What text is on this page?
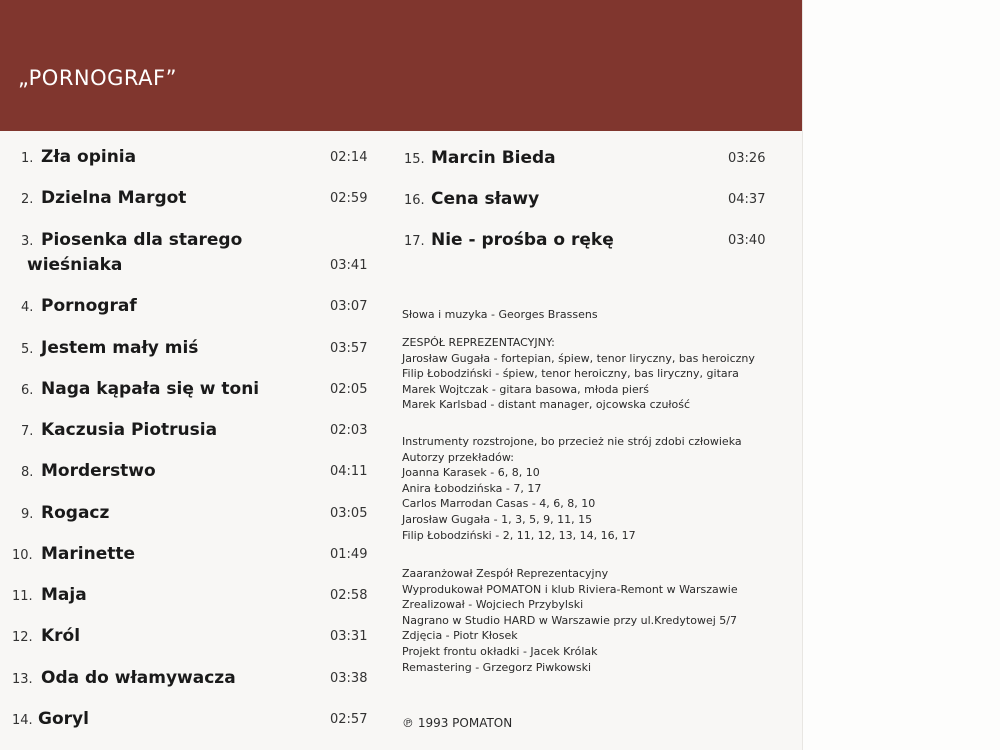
„PORNOGRAF”
1. Zła opinia	02:14
2. Dzielna Margot	02:59
3. Piosenka dla starego
wieśniaka	03:41
4. Pornograf	03:07
5. Jestem mały miś	03:57
6. Naga kąpała się w toni	02:05
7. Kaczusia Piotrusia	02:03
8. Morderstwo	04:11
9. Rogacz	03:05
10. Marinette	01:49
11. Maja	02:58
12. Król	03:31
13. Oda do włamywacza	03:38
14. Goryl	02:57
15. Marcin Bieda	03:26
16. Cena sławy	04:37
17. Nie - prośba o rękę	03:40
Słowa i muzyka - Georges Brassens
ZESPÓŁ REPREZENTACYJNY:
Jarosław Gugała - fortepian, śpiew, tenor liryczny, bas heroiczny
Filip Łobodziński - śpiew, tenor heroiczny, bas liryczny, gitara
Marek Wojtczak - gitara basowa, młoda pierś
Marek Karlsbad - distant manager, ojcowska czułość
Instrumenty rozstrojone, bo przecież nie strój zdobi człowieka
Autorzy przekładów:
Joanna Karasek - 6, 8, 10
Anira Łobodzińska - 7, 17
Carlos Marrodan Casas - 4, 6, 8, 10
Jarosław Gugała - 1, 3, 5, 9, 11, 15
Filip Łobodziński - 2, 11, 12, 13, 14, 16, 17
Zaaranżował Zespół Reprezentacyjny
Wyprodukował POMATON i klub Riviera-Remont w Warszawie
Zrealizował - Wojciech Przybylski
Nagrano w Studio HARD w Warszawie przy ul.Kredytowej 5/7
Zdjęcia - Piotr Kłosek
Projekt frontu okładki - Jacek Królak
Remastering - Grzegorz Piwkowski
℗ 1993 POMATON
